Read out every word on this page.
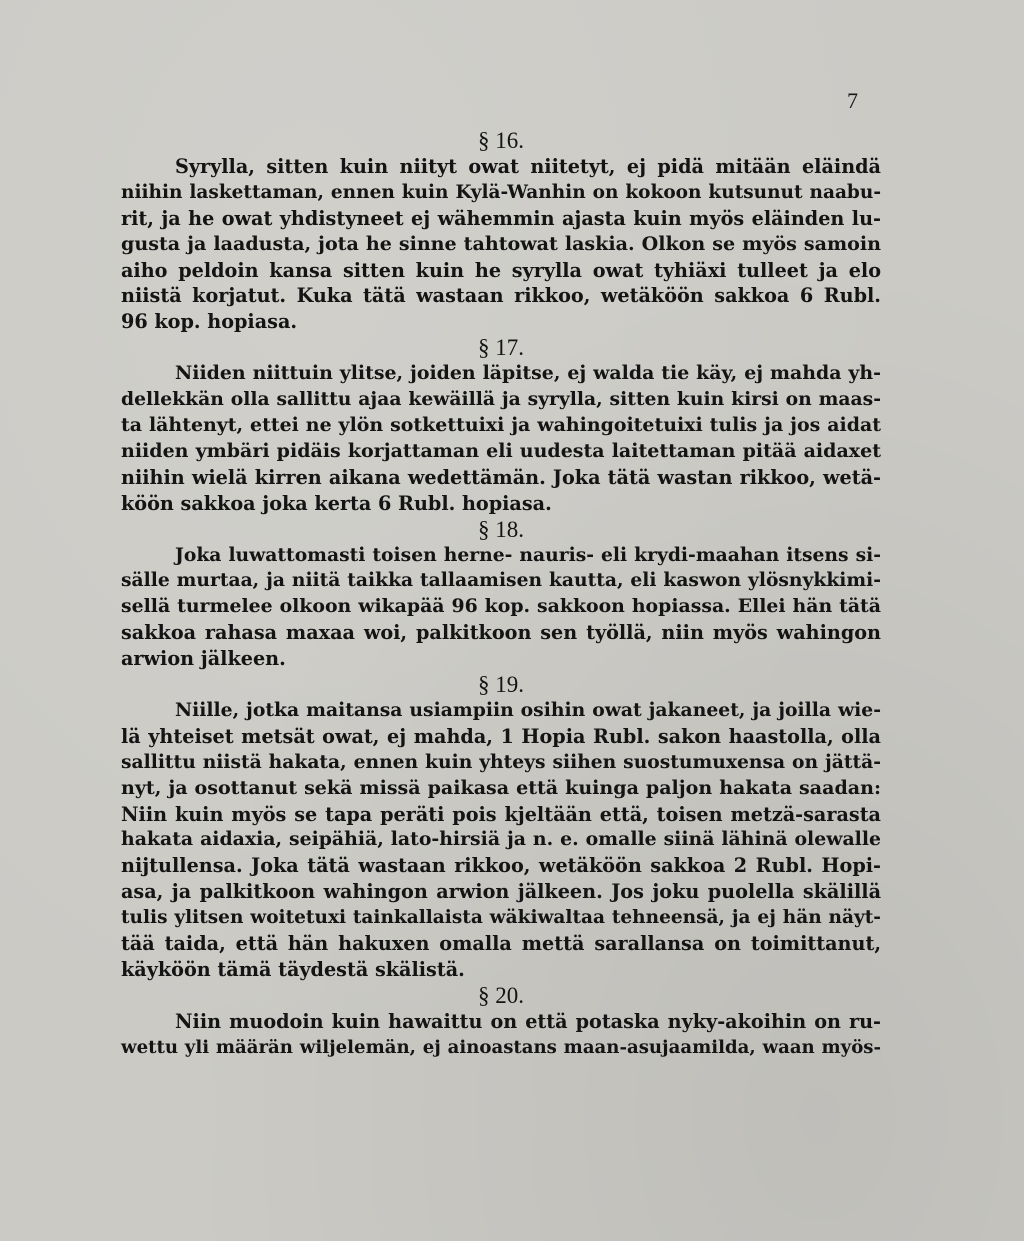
7
§ 16.
Syrylla, sitten kuin niityt owat niitetyt, ej pidä mitään eläindä
niihin laskettaman, ennen kuin Kylä-Wanhin on kokoon kutsunut naabu-
rit, ja he owat yhdistyneet ej wähemmin ajasta kuin myös eläinden lu-
gusta ja laadusta, jota he sinne tahtowat laskia. Olkon se myös samoin
aiho peldoin kansa sitten kuin he syrylla owat tyhiäxi tulleet ja elo
niistä korjatut. Kuka tätä wastaan rikkoo, wetäköön sakkoa 6 Rubl.
96 kop. hopiasa.
§ 17.
Niiden niittuin ylitse, joiden läpitse, ej walda tie käy, ej mahda yh-
dellekkän olla sallittu ajaa kewäillä ja syrylla, sitten kuin kirsi on maas-
ta lähtenyt, ettei ne ylön sotkettuixi ja wahingoitetuixi tulis ja jos aidat
niiden ymbäri pidäis korjattaman eli uudesta laitettaman pitää aidaxet
niihin wielä kirren aikana wedettämän. Joka tätä wastan rikkoo, wetä-
köön sakkoa joka kerta 6 Rubl. hopiasa.
§ 18.
Joka luwattomasti toisen herne- nauris- eli krydi-maahan itsens si-
sälle murtaa, ja niitä taikka tallaamisen kautta, eli kaswon ylösnykkimi-
sellä turmelee olkoon wikapää 96 kop. sakkoon hopiassa. Ellei hän tätä
sakkoa rahasa maxaa woi, palkitkoon sen työllä, niin myös wahingon
arwion jälkeen.
§ 19.
Niille, jotka maitansa usiampiin osihin owat jakaneet, ja joilla wie-
lä yhteiset metsät owat, ej mahda, 1 Hopia Rubl. sakon haastolla, olla
sallittu niistä hakata, ennen kuin yhteys siihen suostumuxensa on jättä-
nyt, ja osottanut sekä missä paikasa että kuinga paljon hakata saadan:
Niin kuin myös se tapa peräti pois kjeltään että, toisen metzä-sarasta
hakata aidaxia, seipähiä, lato-hirsiä ja n. e. omalle siinä lähinä olewalle
nijtullensa. Joka tätä wastaan rikkoo, wetäköön sakkoa 2 Rubl. Hopi-
asa, ja palkitkoon wahingon arwion jälkeen. Jos joku puolella skälillä
tulis ylitsen woitetuxi tainkallaista wäkiwaltaa tehneensä, ja ej hän näyt-
tää taida, että hän hakuxen omalla mettä sarallansa on toimittanut,
käyköön tämä täydestä skälistä.
§ 20.
Niin muodoin kuin hawaittu on että potaska nyky-akoihin on ru-
wettu yli määrän wiljelemän, ej ainoastans maan-asujaamilda, waan myös-
